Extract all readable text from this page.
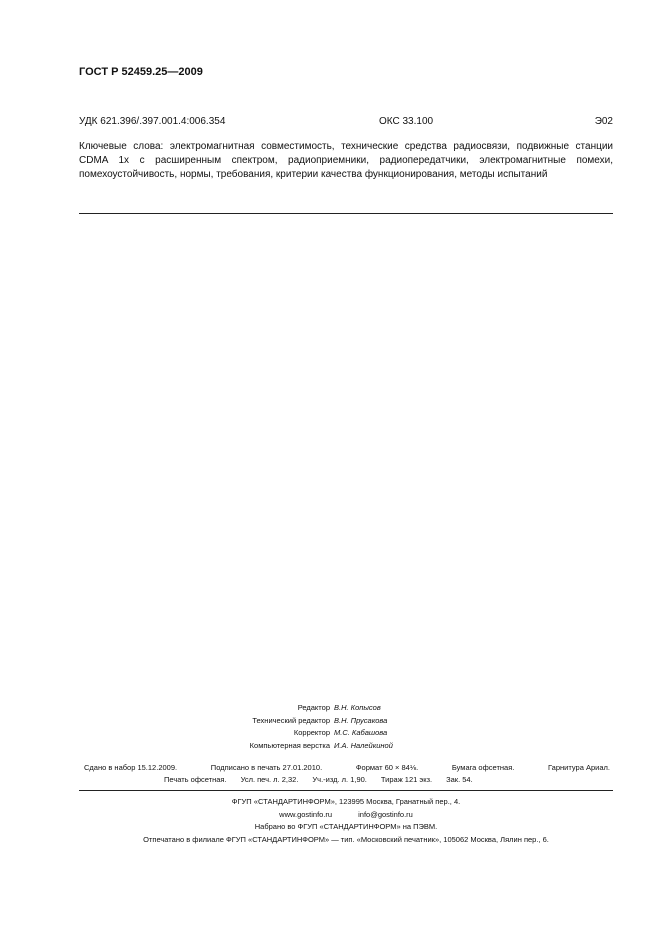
ГОСТ Р 52459.25—2009
УДК 621.396/.397.001.4:006.354	ОКС 33.100	Э02
Ключевые слова: электромагнитная совместимость, технические средства радиосвязи, подвижные станции CDMA 1x с расширенным спектром, радиоприемники, радиопередатчики, электромагнитные помехи, помехоустойчивость, нормы, требования, критерии качества функционирования, методы испытаний
Редактор В.Н. Копысов
Технический редактор В.Н. Прусакова
Корректор М.С. Кабашова
Компьютерная верстка И.А. Налейкиной
Сдано в набор 15.12.2009.	Подписано в печать 27.01.2010.	Формат 60 × 84⅛.	Бумага офсетная.	Гарнитура Ариал.
Печать офсетная. Усл. печ. л. 2,32. Уч.-изд. л. 1,90. Тираж 121 экз. Зак. 54.
ФГУП «СТАНДАРТИНФОРМ», 123995 Москва, Гранатный пер., 4.
www.gostinfo.ru	info@gostinfo.ru
Набрано во ФГУП «СТАНДАРТИНФОРМ» на ПЭВМ.
Отпечатано в филиале ФГУП «СТАНДАРТИНФОРМ» — тип. «Московский печатник», 105062 Москва, Лялин пер., 6.
